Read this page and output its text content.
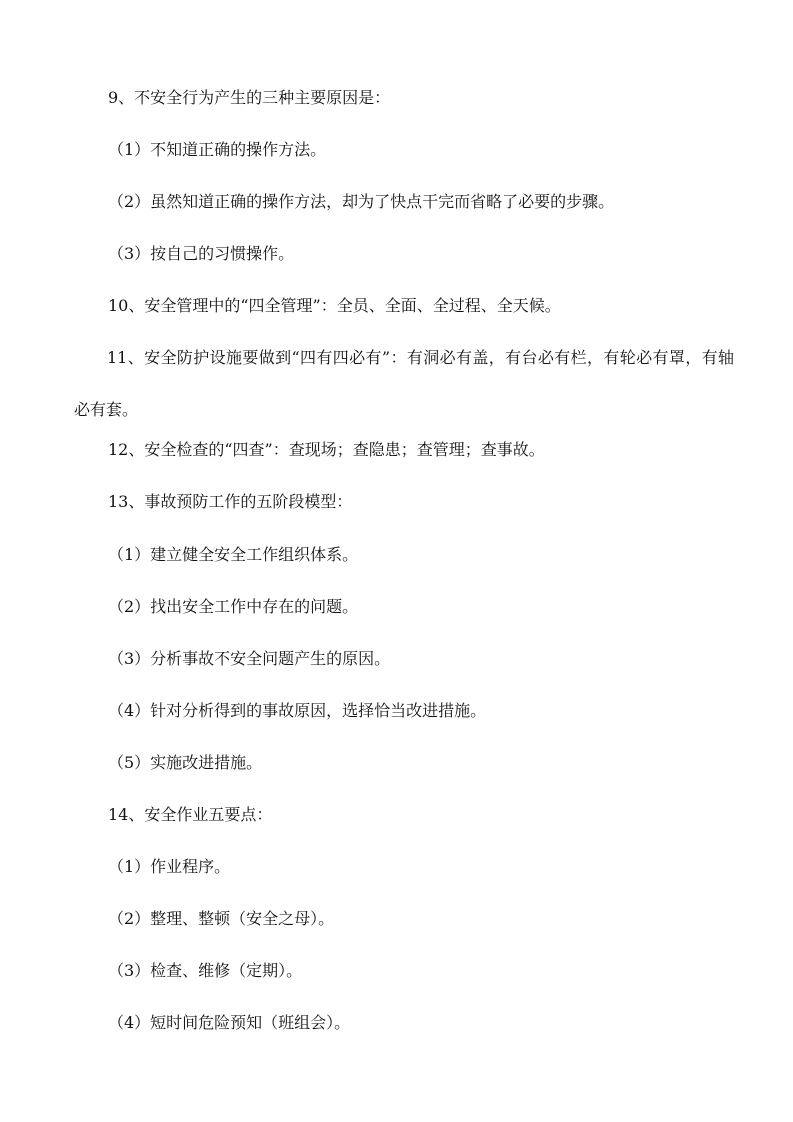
9、不安全行为产生的三种主要原因是：

（1）不知道正确的操作方法。

（2）虽然知道正确的操作方法，却为了快点干完而省略了必要的步骤。

（3）按自己的习惯操作。

10、安全管理中的“四全管理”：全员、全面、全过程、全天候。

11、安全防护设施要做到“四有四必有”：有洞必有盖，有台必有栏，有轮必有罩，有轴必有套。

12、安全检查的“四查”：查现场；查隐患；查管理；查事故。

13、事故预防工作的五阶段模型：

（1）建立健全安全工作组织体系。

（2）找出安全工作中存在的问题。

（3）分析事故不安全问题产生的原因。

（4）针对分析得到的事故原因，选择恰当改进措施。

（5）实施改进措施。

14、安全作业五要点：

（1）作业程序。

（2）整理、整顿（安全之母）。

（3）检查、维修（定期）。

（4）短时间危险预知（班组会）。
